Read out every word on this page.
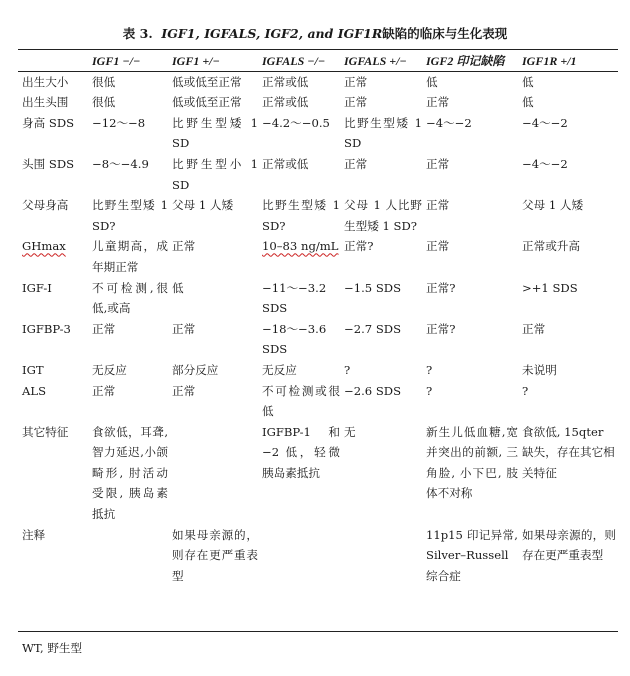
表 3. IGF1, IGFALS, IGF2, and IGF1R缺陷的临床与生化表现
	IGF1 −/−	IGF1 +/−	IGFALS −/−	IGFALS +/−	IGF2 印记缺陷	IGF1R +/1
出生大小	很低	低或低至正常	正常或低	正常	低	低
出生头围	很低	低或低至正常	正常或低	正常	正常	低
身高 SDS	−12～−8	比野生型矮 1 SD	−4.2～−0.5	比野生型矮 1 SD	−4～−2	−4～−2
头围 SDS	−8～−4.9	比野生型小 1 SD	正常或低	正常	正常	−4～−2
父母身高	比野生型矮 1 SD?	父母 1 人矮	比野生型矮 1 SD?	父母 1 人比野生型矮 1 SD?	正常	父母 1 人矮
GHmax	儿童期高，成年期正常	正常	10–83 ng/mL	正常?	正常	正常或升高
IGF-I	不可检测,很低,或高	低	−11～−3.2 SDS	−1.5 SDS	正常?	>+1 SDS
IGFBP-3	正常	正常	−18～−3.6 SDS	−2.7 SDS	正常?	正常
IGT	无反应	部分反应	无反应	?	?	未说明
ALS	正常	正常	不可检测或很低	−2.6 SDS	?	?
其它特征	食欲低，耳聋,智力延迟,小颌畸形, 肘活动受限, 胰岛素抵抗		IGFBP-1 和 −2 低，轻微胰岛素抵抗	无	新生儿低血糖,宽并突出的前额, 三角脸, 小下巴, 肢体不对称	食欲低, 15qter 缺失，存在其它相关特征
注释		如果母亲源的，则存在更严重表型			11p15 印记异常, Silver–Russell 综合症	如果母亲源的，则存在更严重表型
WT, 野生型
